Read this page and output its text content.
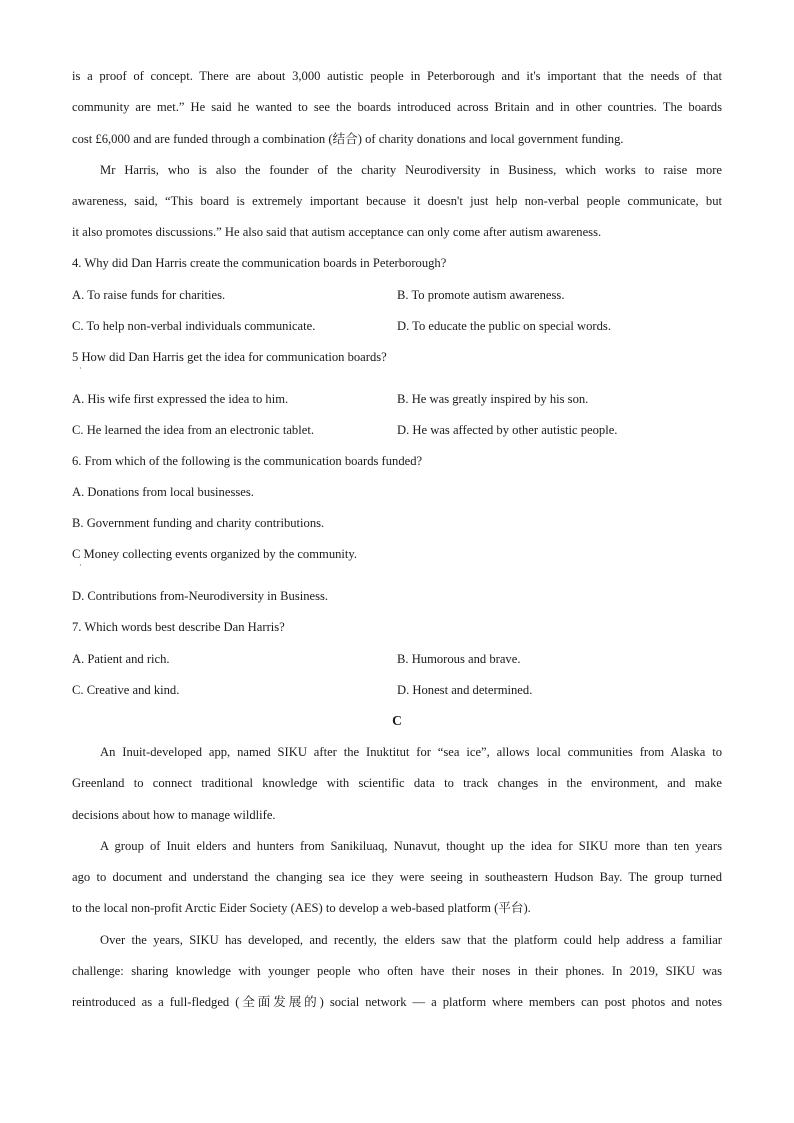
is a proof of concept. There are about 3,000 autistic people in Peterborough and it's important that the needs of that
community are met.” He said he wanted to see the boards introduced across Britain and in other countries. The boards
cost £6,000 and are funded through a combination (结合) of charity donations and local government funding.
Mr Harris, who is also the founder of the charity Neurodiversity in Business, which works to raise more
awareness, said, “This board is extremely important because it doesn't just help non-verbal people communicate, but
it also promotes discussions.” He also said that autism acceptance can only come after autism awareness.
4. Why did Dan Harris create the communication boards in Peterborough?
A. To raise funds for charities.	B. To promote autism awareness.
C. To help non-verbal individuals communicate.	D. To educate the public on special words.
5 How did Dan Harris get the idea for communication boards?
·
A. His wife first expressed the idea to him.	B. He was greatly inspired by his son.
C. He learned the idea from an electronic tablet.	D. He was affected by other autistic people.
6. From which of the following is the communication boards funded?
A. Donations from local businesses.
B. Government funding and charity contributions.
C Money collecting events organized by the community.
·
D. Contributions from-Neurodiversity in Business.
7. Which words best describe Dan Harris?
A. Patient and rich.	B. Humorous and brave.
C. Creative and kind.	D. Honest and determined.
C
An Inuit-developed app, named SIKU after the Inuktitut for “sea ice”, allows local communities from Alaska to
Greenland to connect traditional knowledge with scientific data to track changes in the environment, and make
decisions about how to manage wildlife.
A group of Inuit elders and hunters from Sanikiluaq, Nunavut, thought up the idea for SIKU more than ten years
ago to document and understand the changing sea ice they were seeing in southeastern Hudson Bay. The group turned
to the local non-profit Arctic Eider Society (AES) to develop a web-based platform (平台).
Over the years, SIKU has developed, and recently, the elders saw that the platform could help address a familiar
challenge: sharing knowledge with younger people who often have their noses in their phones. In 2019, SIKU was
reintroduced as a full-fledged (全面发展的) social network — a platform where members can post photos and notes
